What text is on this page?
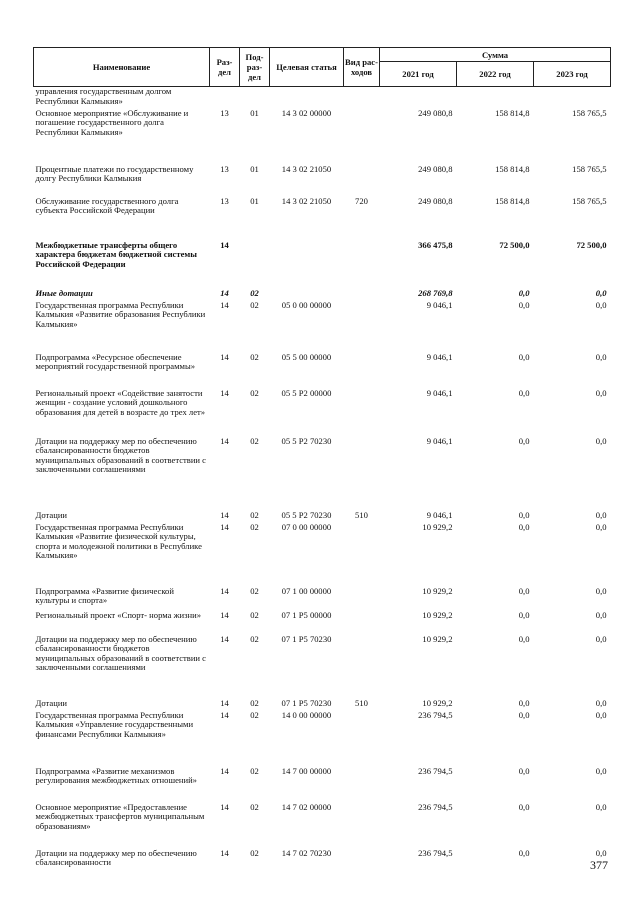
Наименование	Раз-дел	Под-раз-дел	Целевая статья	Вид рас-ходов	Сумма		
					2021 год	2022 год	2023 год
управления государственным долгом Республики Калмыкия»							
Основное мероприятие «Обслуживание и погашение государственного долга Республики Калмыкия»	13	01	14 3 02 00000		249 080,8	158 814,8	158 765,5
Процентные платежи по государственному долгу Республики Калмыкия	13	01	14 3 02 21050		249 080,8	158 814,8	158 765,5
Обслуживание государственного долга субъекта Российской Федерации	13	01	14 3 02 21050	720	249 080,8	158 814,8	158 765,5
Межбюджетные трансферты общего характера бюджетам бюджетной системы Российской Федерации	14				366 475,8	72 500,0	72 500,0
Иные дотации	14	02			268 769,8	0,0	0,0
Государственная программа Республики Калмыкия «Развитие образования Республики Калмыкия»	14	02	05 0 00 00000		9 046,1	0,0	0,0
Подпрограмма «Ресурсное обеспечение мероприятий государственной программы»	14	02	05 5 00 00000		9 046,1	0,0	0,0
Региональный проект «Содействие занятости женщин - создание условий дошкольного образования для детей в возрасте до трех лет»	14	02	05 5 P2 00000		9 046,1	0,0	0,0
Дотации на поддержку мер по обеспечению сбалансированности бюджетов муниципальных образований в соответствии с заключенными соглашениями	14	02	05 5 P2 70230		9 046,1	0,0	0,0
Дотации	14	02	05 5 P2 70230	510	9 046,1	0,0	0,0
Государственная программа Республики Калмыкия «Развитие физической культуры, спорта и молодежной политики в Республике Калмыкия»	14	02	07 0 00 00000		10 929,2	0,0	0,0
Подпрограмма «Развитие физической культуры и спорта»	14	02	07 1 00 00000		10 929,2	0,0	0,0
Региональный проект «Спорт- норма жизни»	14	02	07 1 P5 00000		10 929,2	0,0	0,0
Дотации на поддержку мер по обеспечению сбалансированности бюджетов муниципальных образований в соответствии с заключенными соглашениями	14	02	07 1 P5 70230		10 929,2	0,0	0,0
Дотации	14	02	07 1 P5 70230	510	10 929,2	0,0	0,0
Государственная программа Республики Калмыкия «Управление государственными финансами Республики Калмыкия»	14	02	14 0 00 00000		236 794,5	0,0	0,0
Подпрограмма «Развитие механизмов регулирования межбюджетных отношений»	14	02	14 7 00 00000		236 794,5	0,0	0,0
Основное мероприятие «Предоставление межбюджетных трансфертов муниципальным образованиям»	14	02	14 7 02 00000		236 794,5	0,0	0,0
Дотации на поддержку мер по обеспечению сбалансированности	14	02	14 7 02 70230		236 794,5	0,0	0,0
377
